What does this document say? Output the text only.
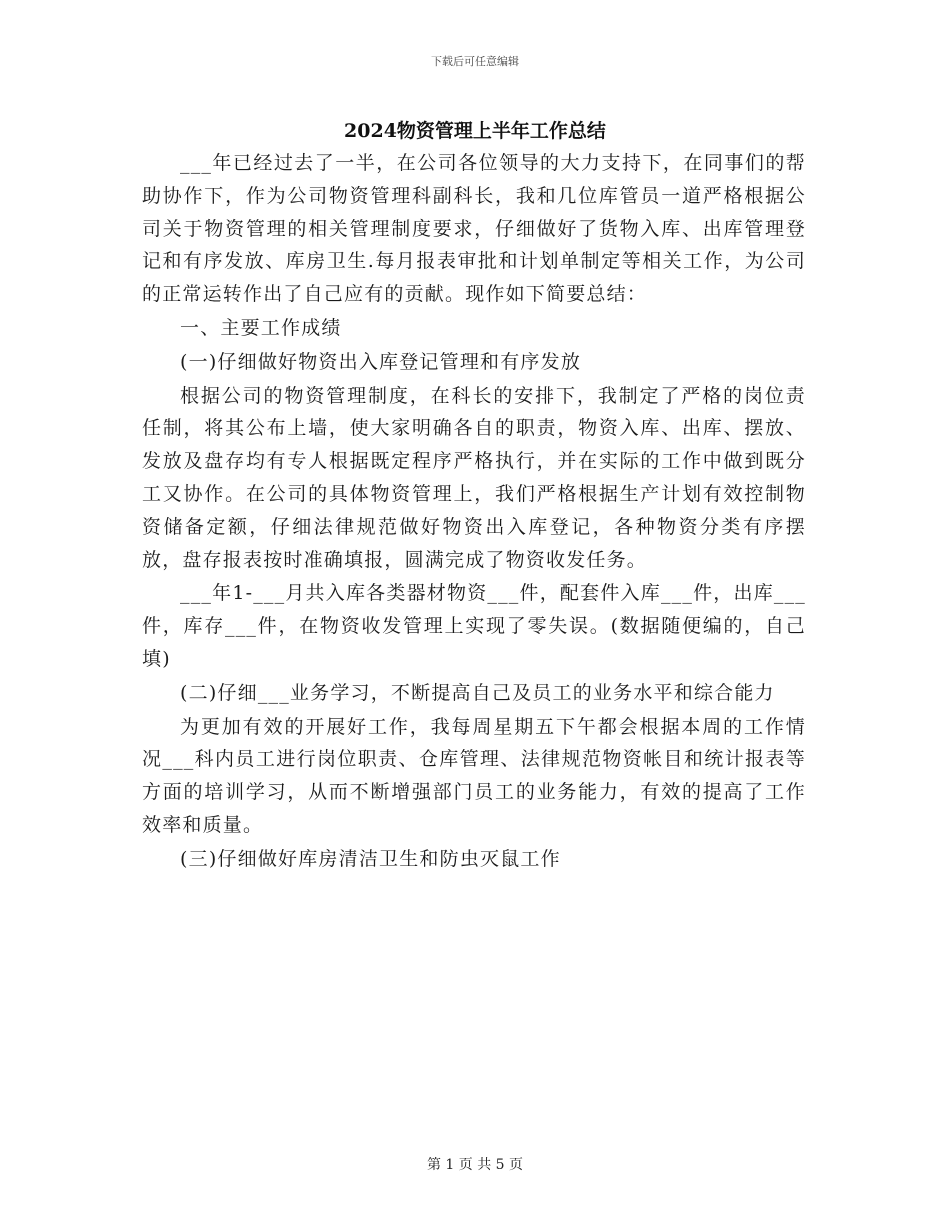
下载后可任意编辑
2024物资管理上半年工作总结

___年已经过去了一半，在公司各位领导的大力支持下，在同事们的帮助协作下，作为公司物资管理科副科长，我和几位库管员一道严格根据公司关于物资管理的相关管理制度要求，仔细做好了货物入库、出库管理登记和有序发放、库房卫生.每月报表审批和计划单制定等相关工作，为公司的正常运转作出了自己应有的贡献。现作如下简要总结：

一、主要工作成绩

(一)仔细做好物资出入库登记管理和有序发放

根据公司的物资管理制度，在科长的安排下，我制定了严格的岗位责任制，将其公布上墙，使大家明确各自的职责，物资入库、出库、摆放、发放及盘存均有专人根据既定程序严格执行，并在实际的工作中做到既分工又协作。在公司的具体物资管理上，我们严格根据生产计划有效控制物资储备定额，仔细法律规范做好物资出入库登记，各种物资分类有序摆放，盘存报表按时准确填报，圆满完成了物资收发任务。

___年1-___月共入库各类器材物资___件，配套件入库___件，出库___件，库存___件，在物资收发管理上实现了零失误。(数据随便编的，自己填)

(二)仔细___业务学习，不断提高自己及员工的业务水平和综合能力

为更加有效的开展好工作，我每周星期五下午都会根据本周的工作情况___科内员工进行岗位职责、仓库管理、法律规范物资帐目和统计报表等方面的培训学习，从而不断增强部门员工的业务能力，有效的提高了工作效率和质量。

(三)仔细做好库房清洁卫生和防虫灭鼠工作

第 1 页 共 5 页
